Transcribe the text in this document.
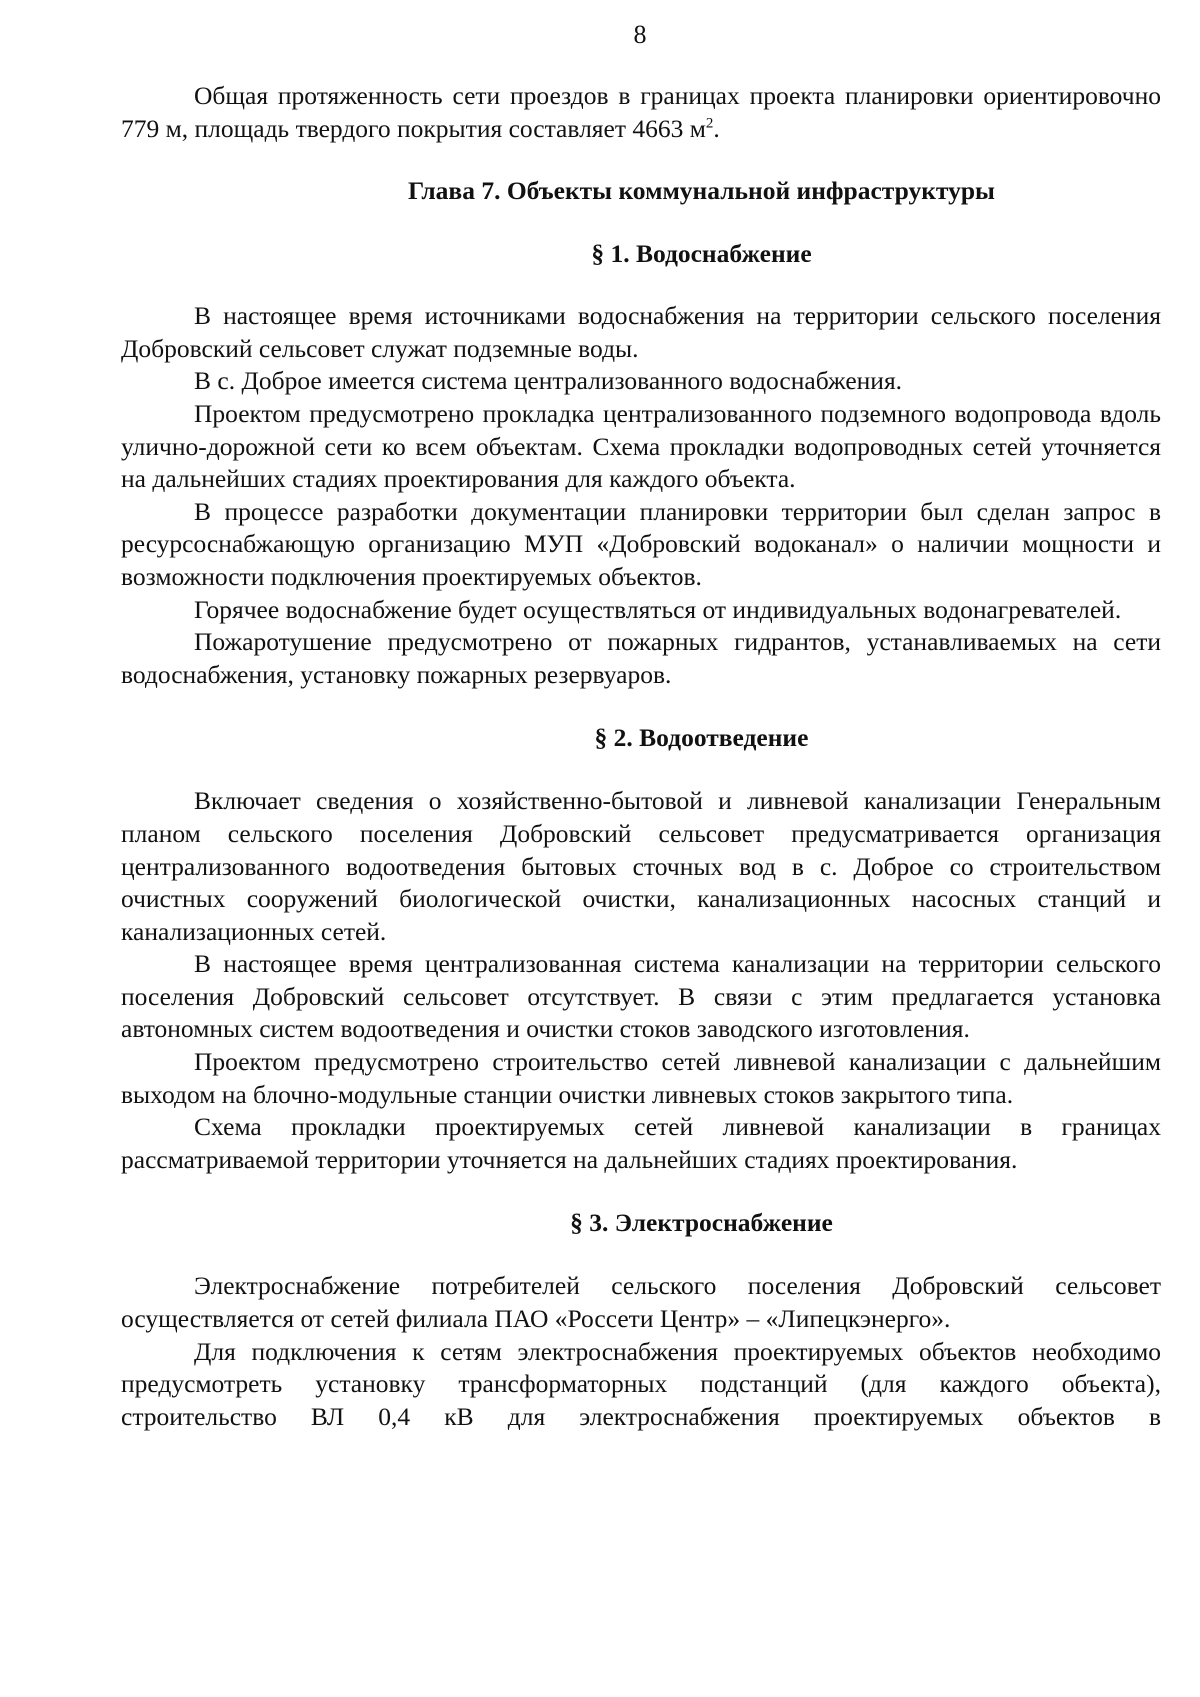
8

Общая протяженность сети проездов в границах проекта планировки ориентировочно 779 м, площадь твердого покрытия составляет 4663 $м^2$.

Глава 7. Объекты коммунальной инфраструктуры
§ 1. Водоснабжение

В настоящее время источниками водоснабжения на территории сельского поселения Добровский сельсовет служат подземные воды.

В с. Доброе имеется система централизованного водоснабжения.

Проектом предусмотрено прокладка централизованного подземного водопровода вдоль улично-дорожной сети ко всем объектам. Схема прокладки водопроводных сетей уточняется на дальнейших стадиях проектирования для каждого объекта.

В процессе разработки документации планировки территории был сделан запрос в ресурсоснабжающую организацию МУП «Добровский водоканал» о наличии мощности и возможности подключения проектируемых объектов.

Горячее водоснабжение будет осуществляться от индивидуальных водонагревателей.

Пожаротушение предусмотрено от пожарных гидрантов, устанавливаемых на сети водоснабжения, установку пожарных резервуаров.

§ 2. Водоотведение

Включает сведения о хозяйственно-бытовой и ливневой канализации Генеральным планом сельского поселения Добровский сельсовет предусматривается организация централизованного водоотведения бытовых сточных вод в с. Доброе со строительством очистных сооружений биологической очистки, канализационных насосных станций и канализационных сетей.

В настоящее время централизованная система канализации на территории сельского поселения Добровский сельсовет отсутствует. В связи с этим предлагается установка автономных систем водоотведения и очистки стоков заводского изготовления.

Проектом предусмотрено строительство сетей ливневой канализации с дальнейшим выходом на блочно-модульные станции очистки ливневых стоков закрытого типа.

Схема прокладки проектируемых сетей ливневой канализации в границах рассматриваемой территории уточняется на дальнейших стадиях проектирования.

§ 3. Электроснабжение

Электроснабжение потребителей сельского поселения Добровский сельсовет осуществляется от сетей филиала ПАО «Россети Центр» – «Липецкэнерго».

Для подключения к сетям электроснабжения проектируемых объектов необходимо предусмотреть установку трансформаторных подстанций (для каждого объекта), строительство ВЛ 0,4 кВ для электроснабжения проектируемых объектов в
